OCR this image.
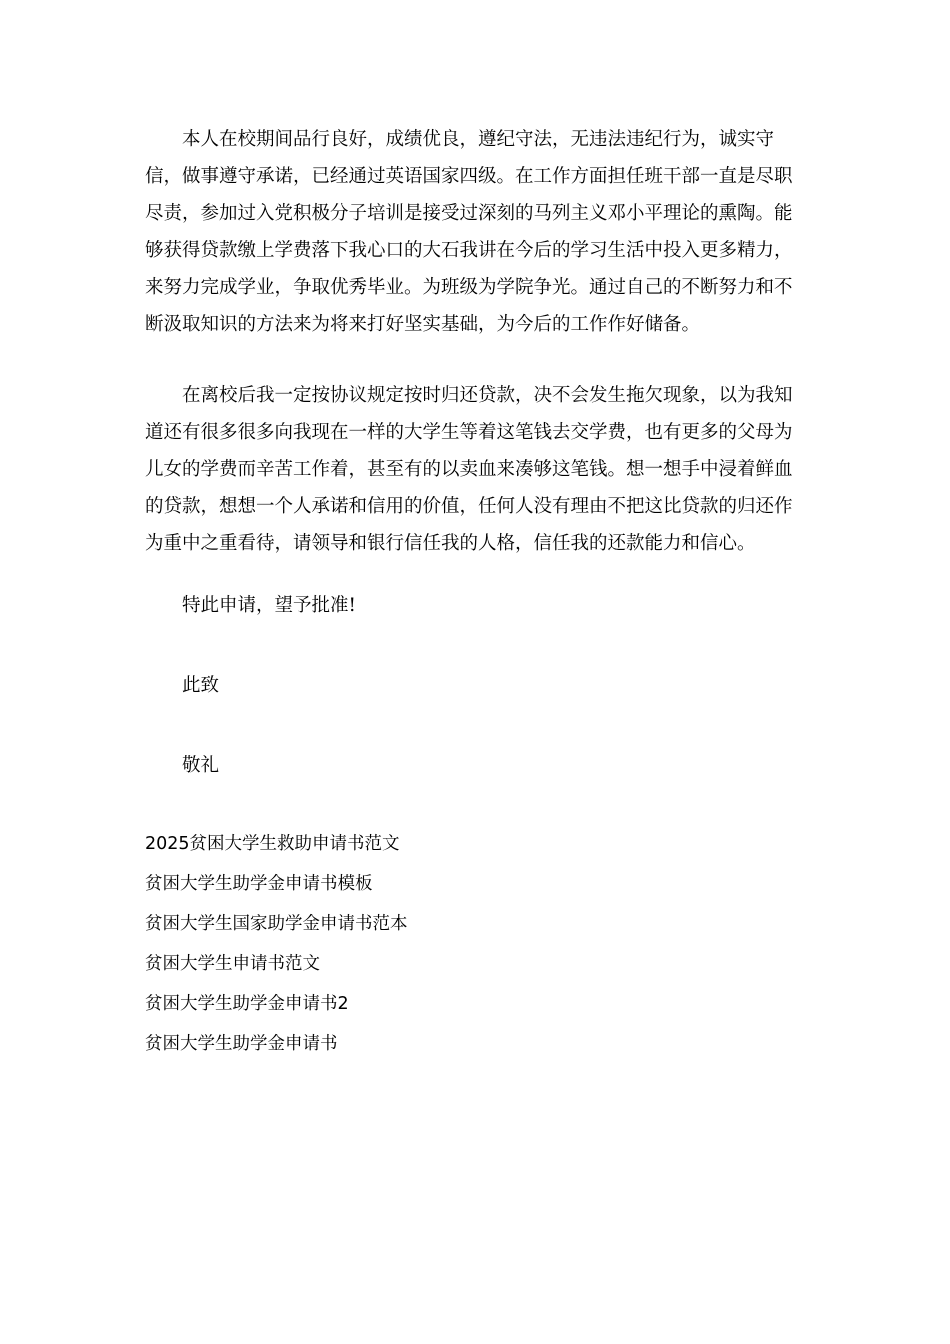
本人在校期间品行良好，成绩优良，遵纪守法，无违法违纪行为，诚实守信，做事遵守承诺，已经通过英语国家四级。在工作方面担任班干部一直是尽职尽责，参加过入党积极分子培训是接受过深刻的马列主义邓小平理论的熏陶。能够获得贷款缴上学费落下我心口的大石我讲在今后的学习生活中投入更多精力，来努力完成学业，争取优秀毕业。为班级为学院争光。通过自己的不断努力和不断汲取知识的方法来为将来打好坚实基础，为今后的工作作好储备。

在离校后我一定按协议规定按时归还贷款，决不会发生拖欠现象，以为我知道还有很多很多向我现在一样的大学生等着这笔钱去交学费，也有更多的父母为儿女的学费而辛苦工作着，甚至有的以卖血来凑够这笔钱。想一想手中浸着鲜血的贷款，想想一个人承诺和信用的价值，任何人没有理由不把这比贷款的归还作为重中之重看待，请领导和银行信任我的人格，信任我的还款能力和信心。

特此申请，望予批准!

此致

敬礼

2025贫困大学生救助申请书范文
贫困大学生助学金申请书模板
贫困大学生国家助学金申请书范本
贫困大学生申请书范文
贫困大学生助学金申请书2
贫困大学生助学金申请书
